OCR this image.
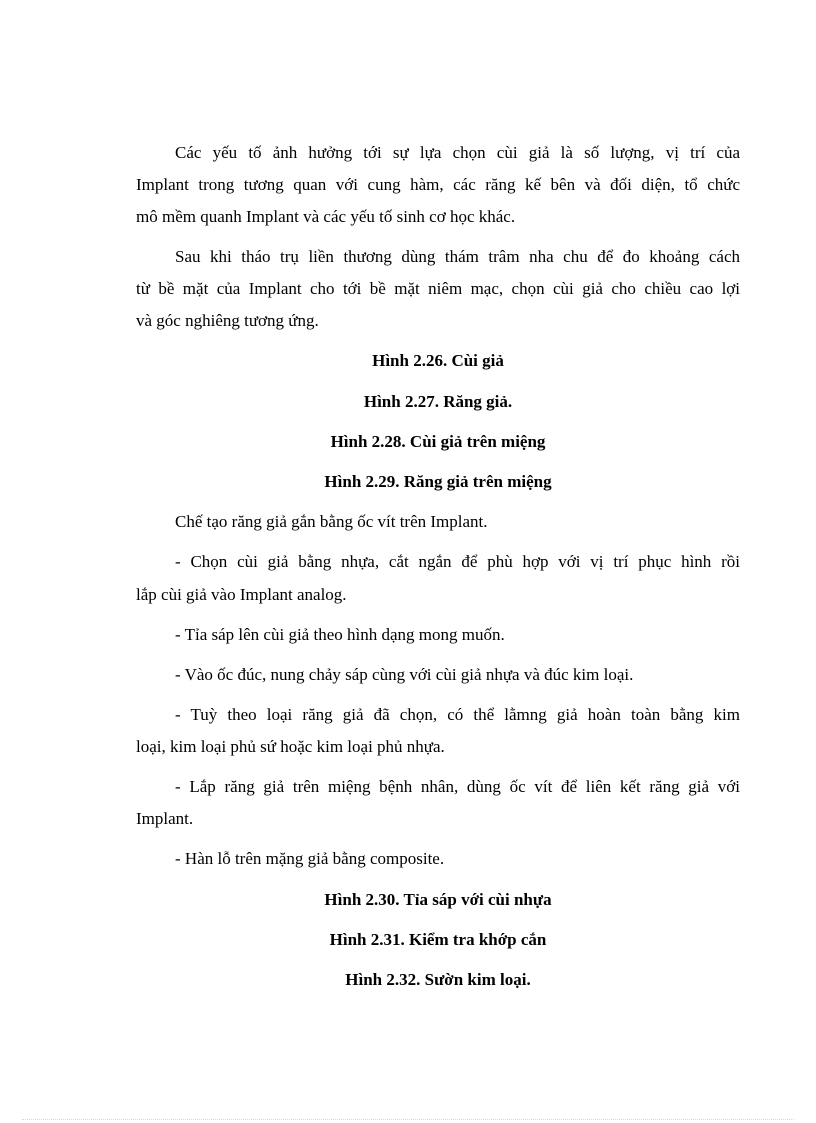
Các yếu tố ảnh hưởng tới sự lựa chọn cùi giả là số lượng, vị trí của
Implant trong tương quan với cung hàm, các răng kế bên và đối diện, tổ chức
mô mềm quanh Implant và các yếu tố sinh cơ học khác.
Sau khi tháo trụ liền thương dùng thám trâm nha chu để đo khoảng cách
từ bề mặt của Implant cho tới bề mặt niêm mạc, chọn cùi giả cho chiều cao lợi
và góc nghiêng tương ứng.
Hình 2.26. Cùi giả
Hình 2.27. Răng giả.
Hình 2.28. Cùi giả trên miệng
Hình 2.29. Răng giả trên miệng
Chế tạo răng giả gắn bằng ốc vít trên Implant.
- Chọn cùi giả bằng nhựa, cắt ngắn để phù hợp với vị trí phục hình rồi
lắp cùi giả vào Implant analog.
- Tỉa sáp lên cùi giả theo hình dạng mong muốn.
- Vào ốc đúc, nung chảy sáp cùng với cùi giả nhựa và đúc kim loại.
- Tuỳ theo loại răng giả đã chọn, có thể lằmng giả hoàn toàn bằng kim
loại, kim loại phủ sứ hoặc kim loại phủ nhựa.
- Lắp răng giả trên miệng bệnh nhân, dùng ốc vít để liên kết răng giả với
Implant.
- Hàn lỗ trên mặng giả bằng composite.
Hình 2.30. Tỉa sáp với cùi nhựa
Hình 2.31. Kiểm tra khớp cắn
Hình 2.32. Sườn kim loại.
